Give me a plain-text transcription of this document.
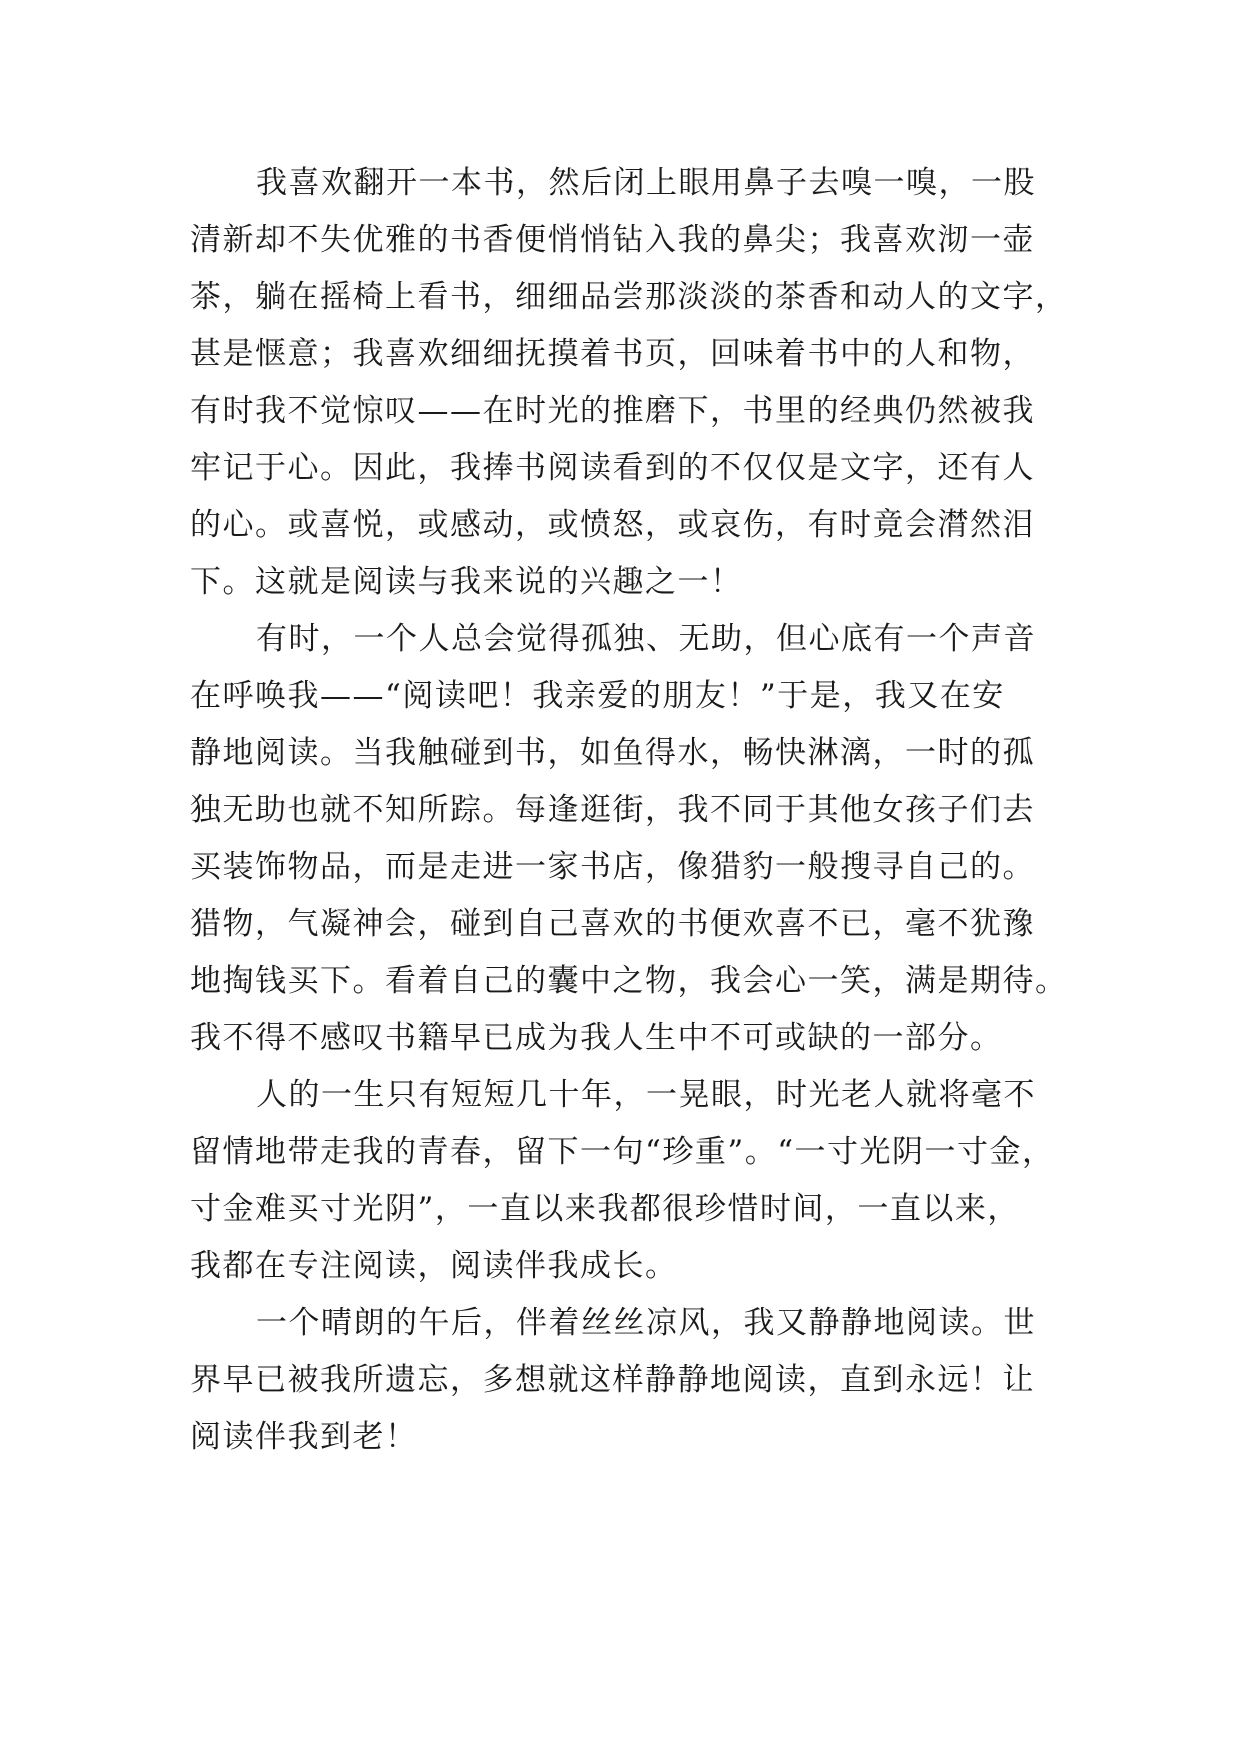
我喜欢翻开一本书，然后闭上眼用鼻子去嗅一嗅，一股
清新却不失优雅的书香便悄悄钻入我的鼻尖；我喜欢沏一壶
茶，躺在摇椅上看书，细细品尝那淡淡的茶香和动人的文字，
甚是惬意；我喜欢细细抚摸着书页，回味着书中的人和物，
有时我不觉惊叹——在时光的推磨下，书里的经典仍然被我
牢记于心。因此，我捧书阅读看到的不仅仅是文字，还有人
的心。或喜悦，或感动，或愤怒，或哀伤，有时竟会潸然泪
下。这就是阅读与我来说的兴趣之一！
有时，一个人总会觉得孤独、无助，但心底有一个声音
在呼唤我——“阅读吧！我亲爱的朋友！”于是，我又在安
静地阅读。当我触碰到书，如鱼得水，畅快淋漓，一时的孤
独无助也就不知所踪。每逢逛街，我不同于其他女孩子们去
买装饰物品，而是走进一家书店，像猎豹一般搜寻自己的。
猎物，气凝神会，碰到自己喜欢的书便欢喜不已，毫不犹豫
地掏钱买下。看着自己的囊中之物，我会心一笑，满是期待。
我不得不感叹书籍早已成为我人生中不可或缺的一部分。
人的一生只有短短几十年，一晃眼，时光老人就将毫不
留情地带走我的青春，留下一句“珍重”。“一寸光阴一寸金，
寸金难买寸光阴”，一直以来我都很珍惜时间，一直以来，
我都在专注阅读，阅读伴我成长。
一个晴朗的午后，伴着丝丝凉风，我又静静地阅读。世
界早已被我所遗忘，多想就这样静静地阅读，直到永远！让
阅读伴我到老！
